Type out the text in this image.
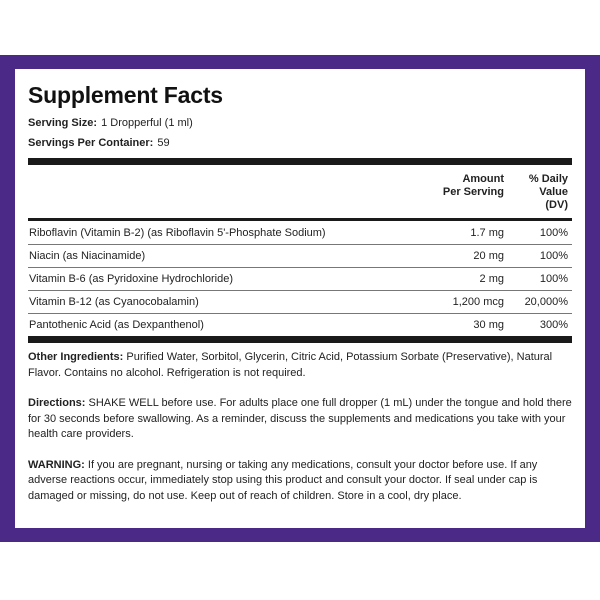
Supplement Facts
Serving Size: 1 Dropperful (1 ml)
Servings Per Container: 59
Amount
Per Serving
% Daily
Value
(DV)
Riboflavin (Vitamin B-2) (as Riboflavin 5'-Phosphate Sodium)	1.7 mg	100%
Niacin (as Niacinamide)	20 mg	100%
Vitamin B-6 (as Pyridoxine Hydrochloride)	2 mg	100%
Vitamin B-12 (as Cyanocobalamin)	1,200 mcg	20,000%
Pantothenic Acid (as Dexpanthenol)	30 mg	300%

Other Ingredients: Purified Water, Sorbitol, Glycerin, Citric Acid, Potassium Sorbate (Preservative), Natural Flavor. Contains no alcohol. Refrigeration is not required.

Directions: SHAKE WELL before use. For adults place one full dropper (1 mL) under the tongue and hold there for 30 seconds before swallowing. As a reminder, discuss the supplements and medications you take with your health care providers.

WARNING: If you are pregnant, nursing or taking any medications, consult your doctor before use. If any adverse reactions occur, immediately stop using this product and consult your doctor. If seal under cap is damaged or missing, do not use. Keep out of reach of children. Store in a cool, dry place.
